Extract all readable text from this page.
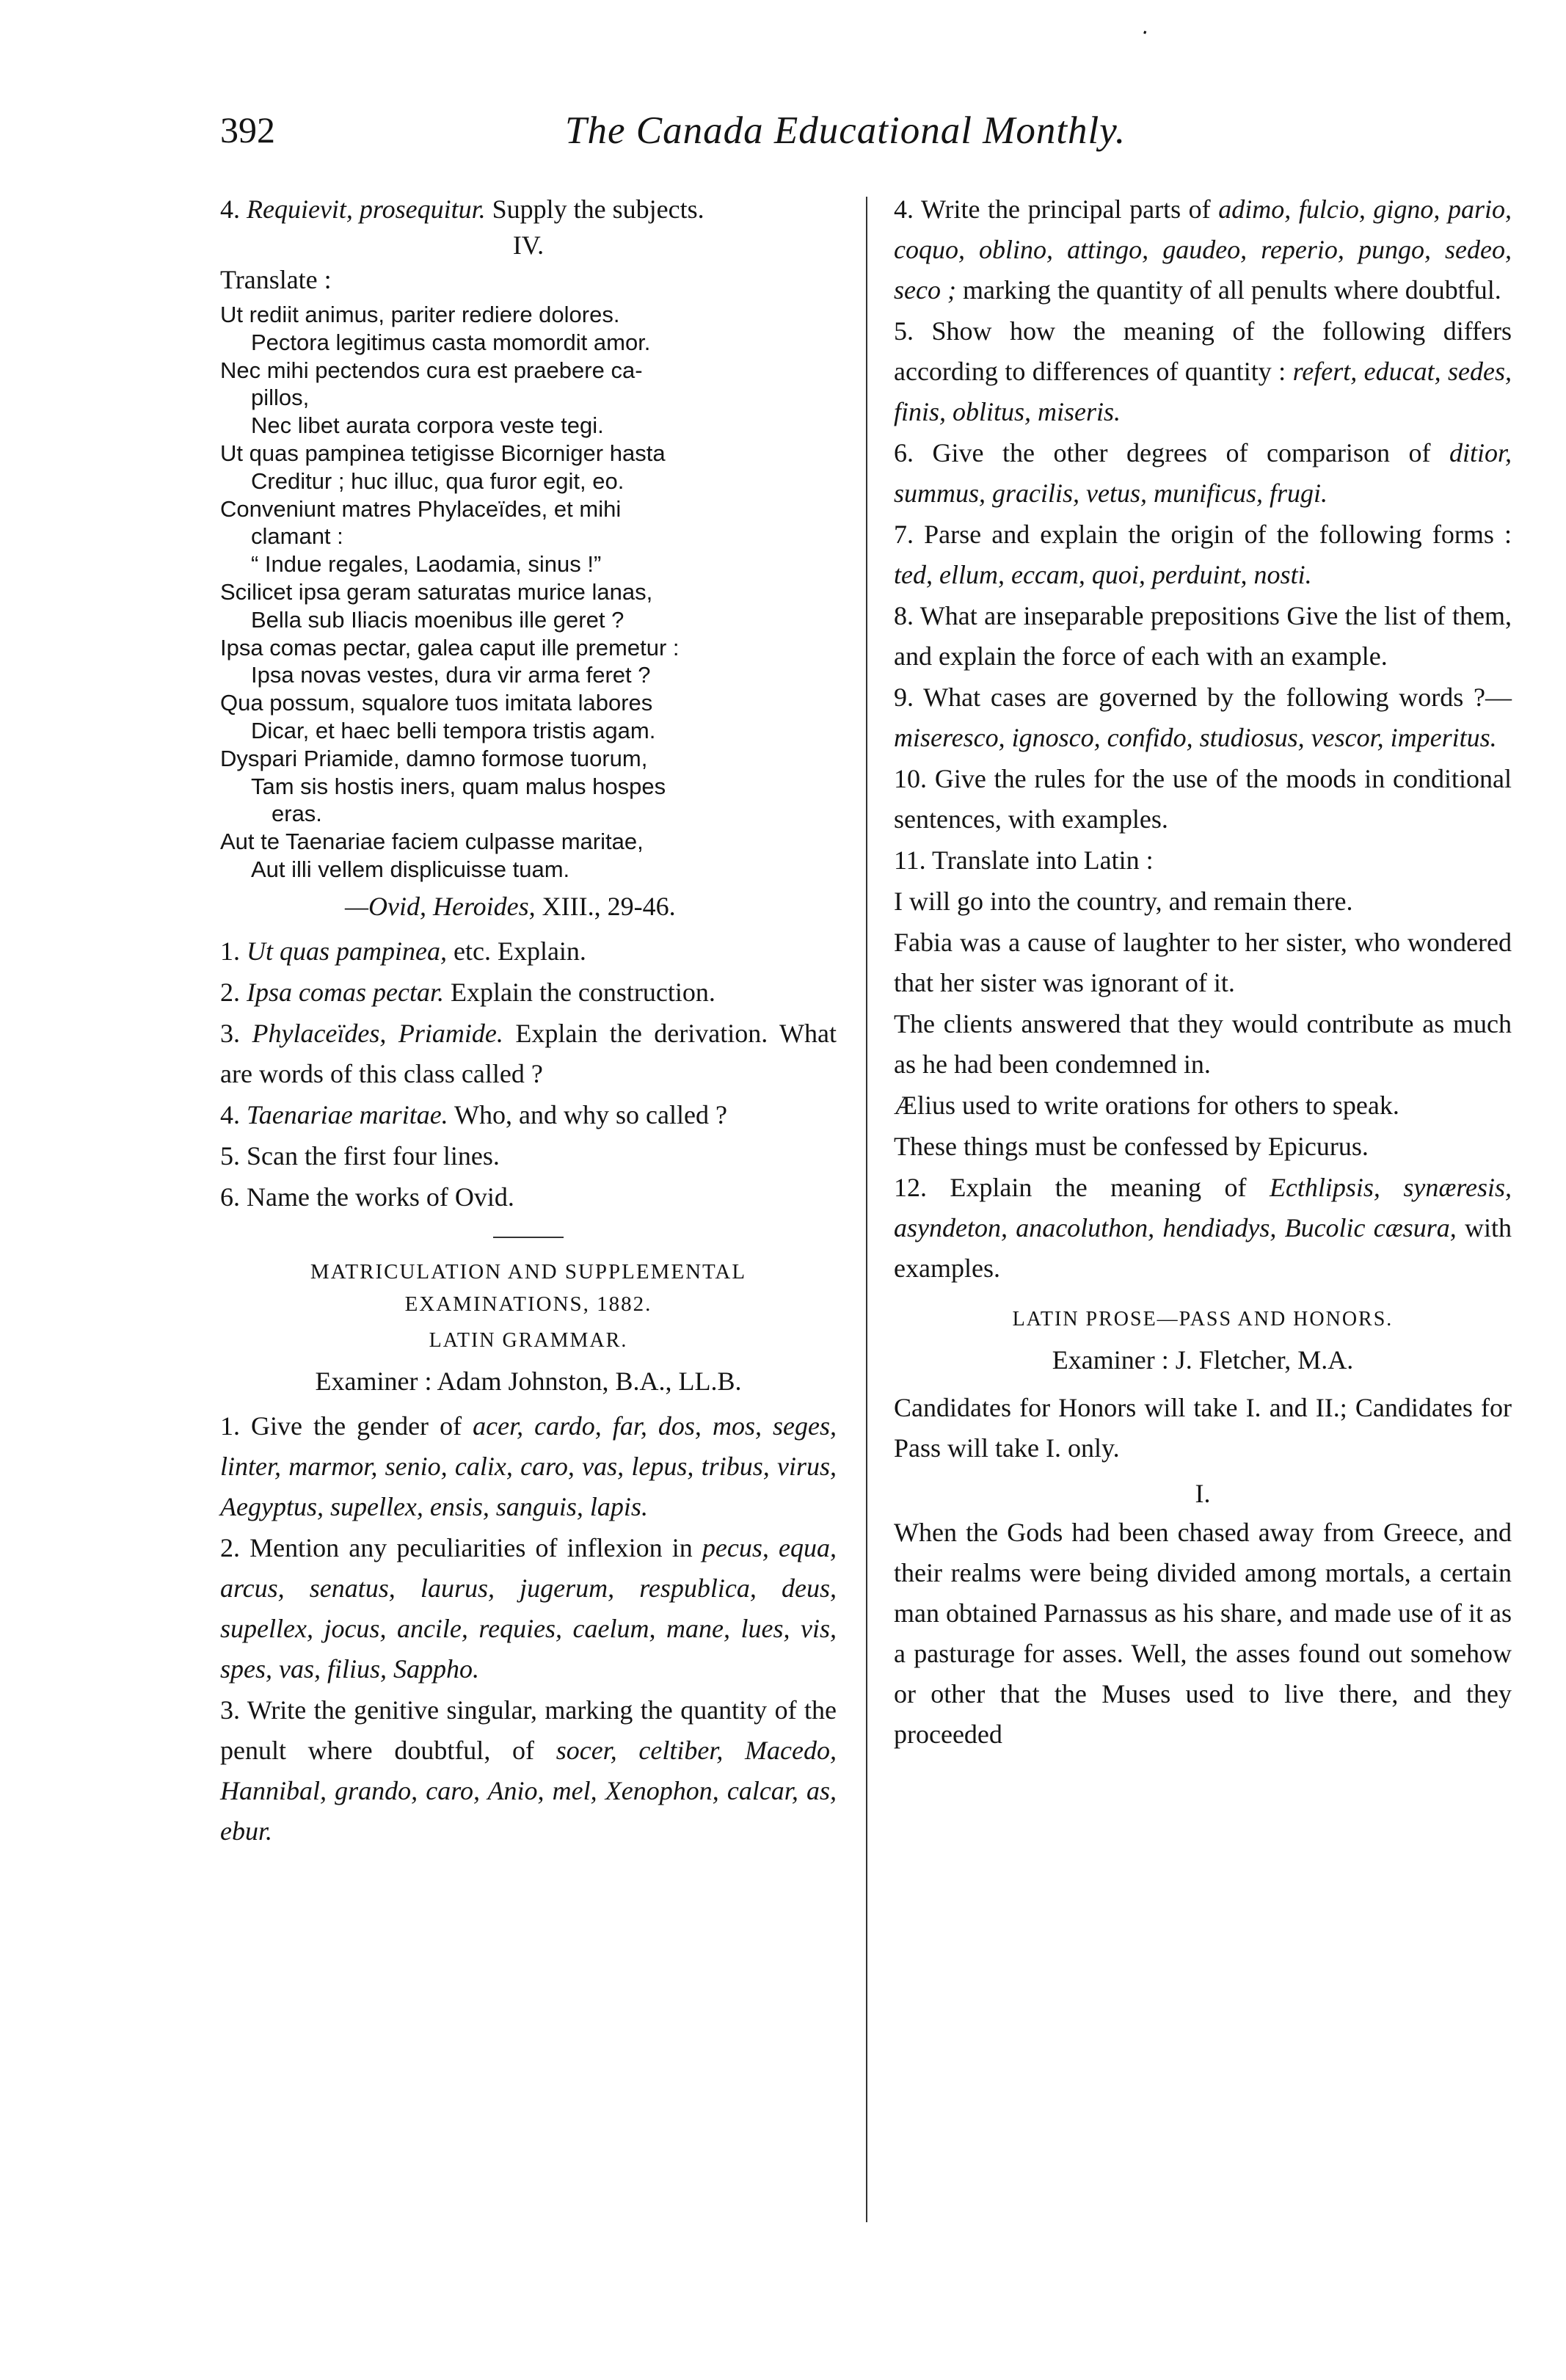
‧
392	The Canada Educational Monthly.

4. Requievit, prosequitur. Supply the subjects.

IV.

Translate :

Ut rediit animus, pariter rediere dolores.
Pectora legitimus casta momordit amor.
Nec mihi pectendos cura est praebere ca-
pillos,
Nec libet aurata corpora veste tegi.
Ut quas pampinea tetigisse Bicorniger hasta
Creditur ; huc illuc, qua furor egit, eo.
Conveniunt matres Phylaceïdes, et mihi
clamant :
“ Indue regales, Laodamia, sinus !”
Scilicet ipsa geram saturatas murice lanas,
Bella sub Iliacis moenibus ille geret ?
Ipsa comas pectar, galea caput ille premetur :
Ipsa novas vestes, dura vir arma feret ?
Qua possum, squalore tuos imitata labores
Dicar, et haec belli tempora tristis agam.
Dyspari Priamide, damno formose tuorum,
Tam sis hostis iners, quam malus hospes
eras.
Aut te Taenariae faciem culpasse maritae,
Aut illi vellem displicuisse tuam.

—Ovid, Heroides, XIII., 29-46.

1. Ut quas pampinea, etc. Explain.

2. Ipsa comas pectar. Explain the construction.

3. Phylaceïdes, Priamide. Explain the derivation. What are words of this class called ?

4. Taenariae maritae. Who, and why so called ?

5. Scan the first four lines.

6. Name the works of Ovid.

MATRICULATION AND SUPPLEMENTAL

EXAMINATIONS, 1882.

LATIN GRAMMAR.

Examiner : Adam Johnston, B.A., LL.B.

1. Give the gender of acer, cardo, far, dos, mos, seges, linter, marmor, senio, calix, caro, vas, lepus, tribus, virus, Aegyptus, supellex, ensis, sanguis, lapis.

2. Mention any peculiarities of inflexion in pecus, equa, arcus, senatus, laurus, jugerum, respublica, deus, supellex, jocus, ancile, requies, caelum, mane, lues, vis, spes, vas, filius, Sappho.

3. Write the genitive singular, marking the quantity of the penult where doubtful, of socer, celtiber, Macedo, Hannibal, grando, caro, Anio, mel, Xenophon, calcar, as, ebur.

4. Write the principal parts of adimo, fulcio, gigno, pario, coquo, oblino, attingo, gaudeo, reperio, pungo, sedeo, seco ; marking the quantity of all penults where doubtful.

5. Show how the meaning of the following differs according to differences of quantity : refert, educat, sedes, finis, oblitus, miseris.

6. Give the other degrees of comparison of ditior, summus, gracilis, vetus, munificus, frugi.

7. Parse and explain the origin of the following forms : ted, ellum, eccam, quoi, perduint, nosti.

8. What are inseparable prepositions Give the list of them, and explain the force of each with an example.

9. What cases are governed by the following words ?—miseresco, ignosco, confido, studiosus, vescor, imperitus.

10. Give the rules for the use of the moods in conditional sentences, with examples.

11. Translate into Latin :

I will go into the country, and remain there.

Fabia was a cause of laughter to her sister, who wondered that her sister was ignorant of it.

The clients answered that they would contribute as much as he had been condemned in.

Ælius used to write orations for others to speak.

These things must be confessed by Epicurus.

12. Explain the meaning of Ecthlipsis, synæresis, asyndeton, anacoluthon, hendiadys, Bucolic cæsura, with examples.

LATIN PROSE—PASS AND HONORS.

Examiner : J. Fletcher, M.A.

Candidates for Honors will take I. and II.; Candidates for Pass will take I. only.

I.

When the Gods had been chased away from Greece, and their realms were being divided among mortals, a certain man obtained Parnassus as his share, and made use of it as a pasturage for asses. Well, the asses found out somehow or other that the Muses used to live there, and they proceeded
